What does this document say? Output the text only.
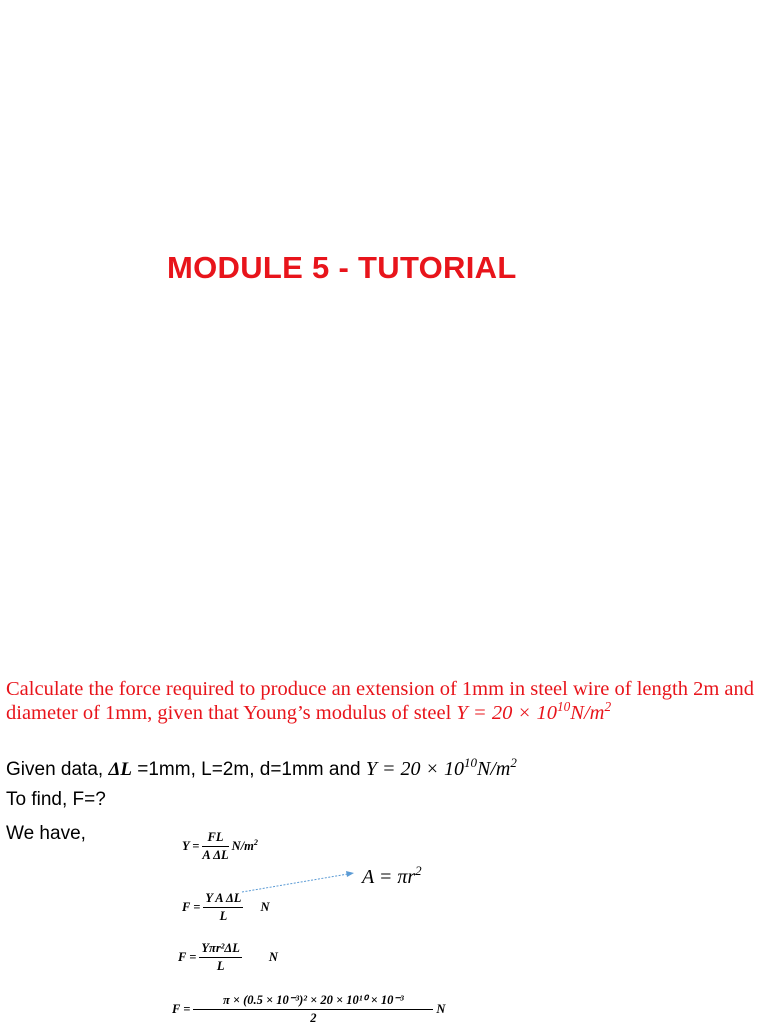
MODULE 5 - TUTORIAL
Calculate the force required to produce an extension of 1mm in steel wire of length 2m and diameter of 1mm, given that Young’s modulus of steel $Y = 20 \times 10^{10}N/m^2$
Given data, ΔL =1mm, L=2m, d=1mm and $Y = 20 \times 10^{10}N/m^2$
To find, F=?
We have,
$Y = \frac{FL}{\text{A ΔL}} N/m^2$
$A = \pi r^2$
$F = \frac{\text{Y A ΔL}}{L}$ N
$F = \frac{\text{Yπr²ΔL}}{L}$ N
$F = \frac{\text{π × (0.5 × 10⁻³)² × 20 × 10¹⁰ × 10⁻³}}{2}$ N
